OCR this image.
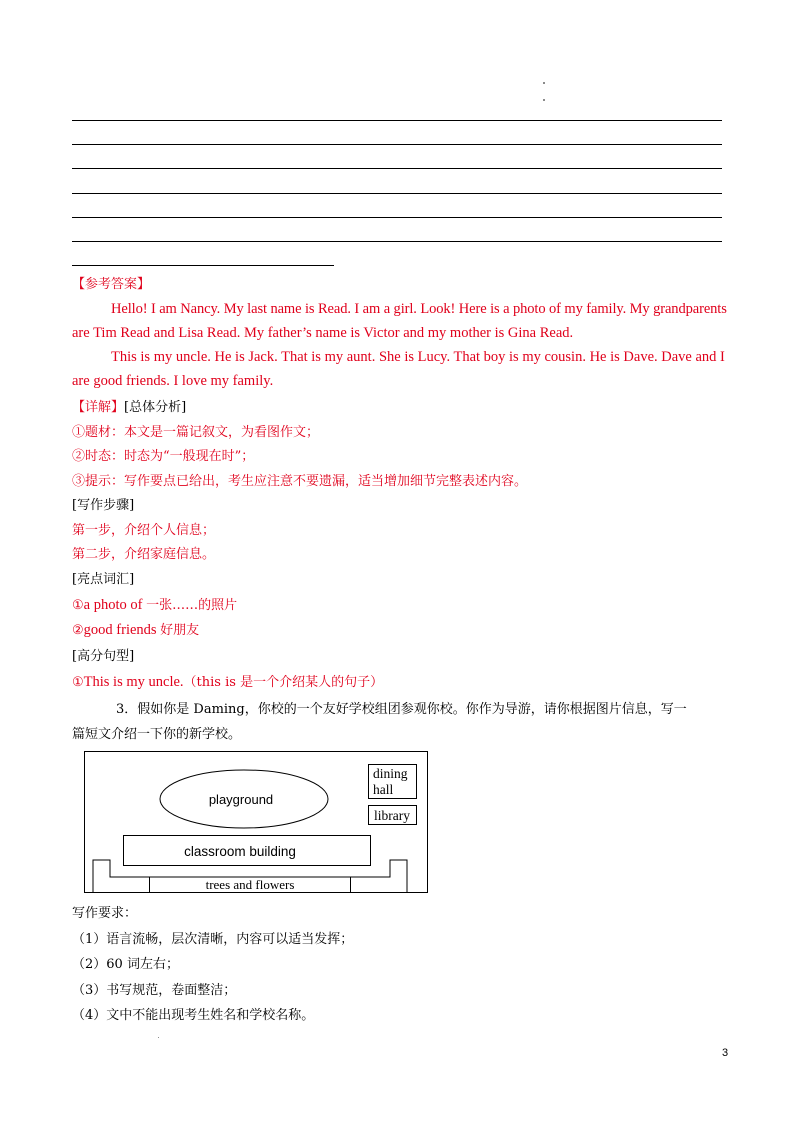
【参考答案】
Hello! I am Nancy. My last name is Read. I am a girl. Look! Here is a photo of my family. My grandparents
are Tim Read and Lisa Read. My father’s name is Victor and my mother is Gina Read.
This is my uncle. He is Jack. That is my aunt. She is Lucy. That boy is my cousin. He is Dave. Dave and I
are good friends. I love my family.
【详解】[总体分析]
①题材：本文是一篇记叙文，为看图作文；
②时态：时态为“一般现在时”；
③提示：写作要点已给出，考生应注意不要遗漏，适当增加细节完整表述内容。
[写作步骤]
第一步，介绍个人信息；
第二步，介绍家庭信息。
[亮点词汇]
①a photo of 一张……的照片
②good friends 好朋友
[高分句型]
①This is my uncle.（this is 是一个介绍某人的句子）
3．假如你是 Daming，你校的一个友好学校组团参观你校。你作为导游，请你根据图片信息，写一
篇短文介绍一下你的新学校。
playground
dining
hall
library
classroom building
trees and flowers
写作要求：
（1）语言流畅，层次清晰，内容可以适当发挥；
（2）60 词左右；
（3）书写规范，卷面整洁；
（4）文中不能出现考生姓名和学校名称。
3
